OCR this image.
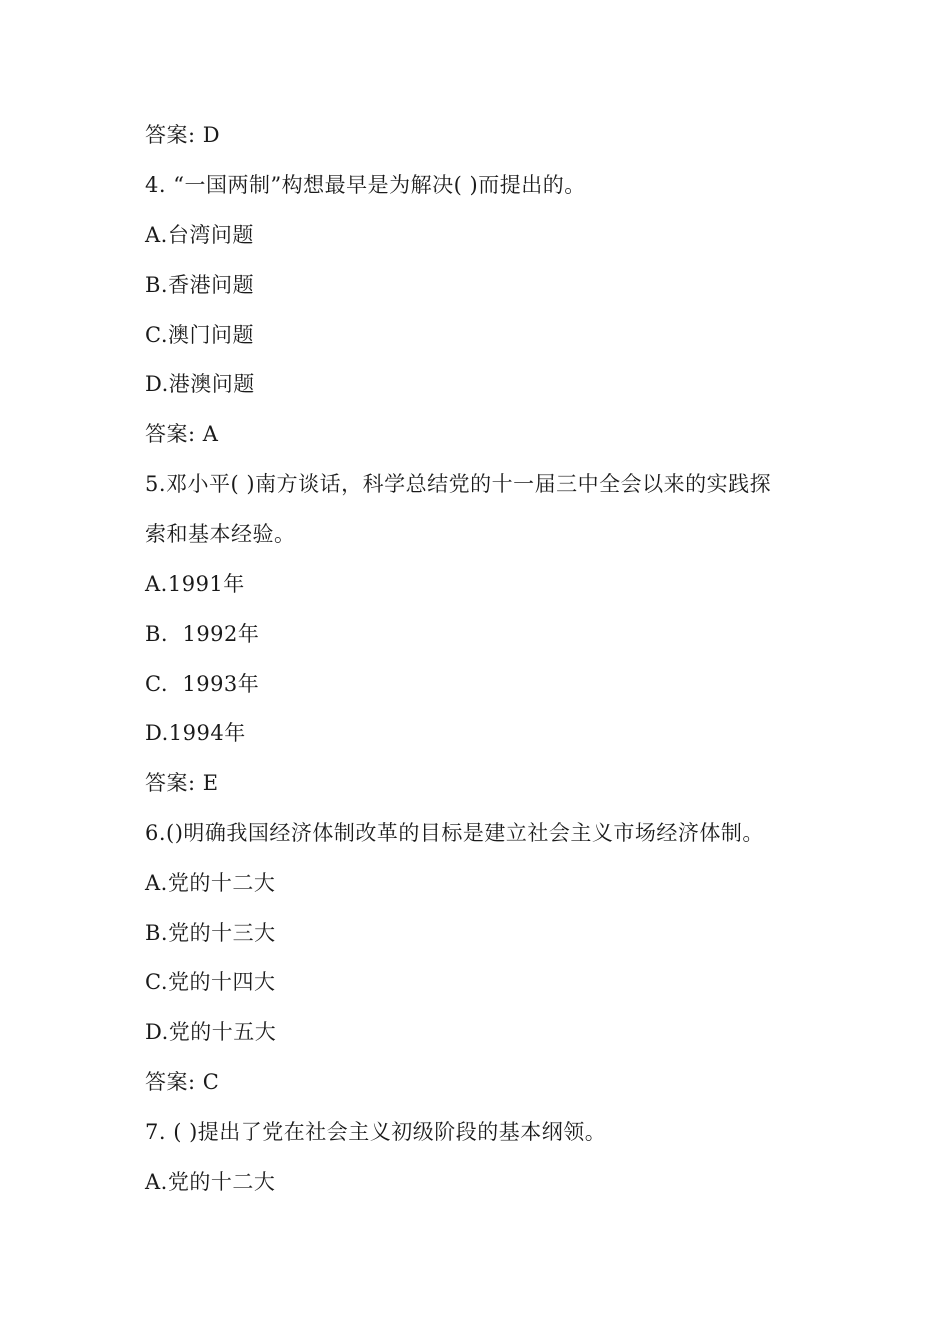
答案: D
4. “一国两制”构想最早是为解决( )而提出的。
A.台湾问题
B.香港问题
C.澳门问题
D.港澳问题
答案: A
5.邓小平( )南方谈话，科学总结党的十一届三中全会以来的实践探
索和基本经验。
A.1991年
B.  1992年
C.  1993年
D.1994年
答案: E
6.()明确我国经济体制改革的目标是建立社会主义市场经济体制。
A.党的十二大
B.党的十三大
C.党的十四大
D.党的十五大
答案: C
7. ( )提出了党在社会主义初级阶段的基本纲领。
A.党的十二大
